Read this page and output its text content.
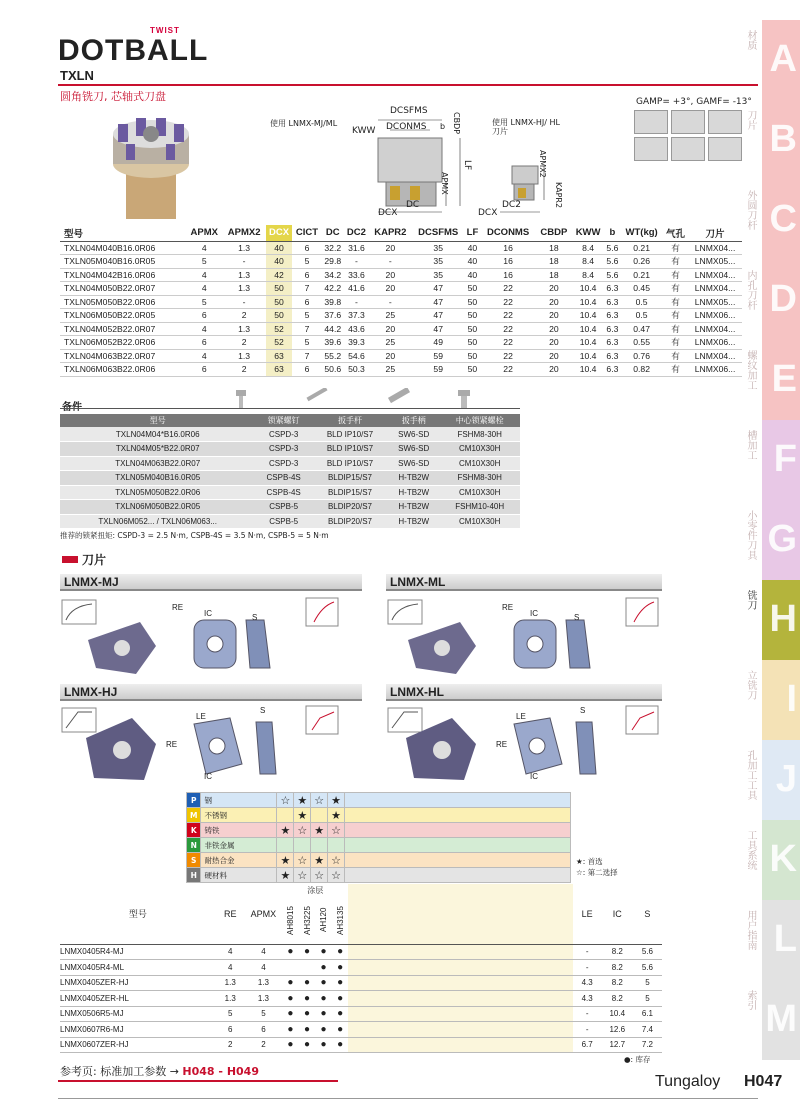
DOTBALL
TWIST
TXLN
圆角铣刀, 芯轴式刀盘	GAMP= +3°, GAMF= -13°
使用 LNMX-MJ/ML	使用 LNMX-HJ/ HL 刀片
DCSFMS
KWW DCONMS b CBDP
LF
APMX
DCX
DC
DCX
DC2
APMX2
KAPR2
型号	APMX	APMX2	DCX	CICT	DC	DC2	KAPR2	DCSFMS	LF	DCONMS	CBDP	KWW	b	WT(kg)	气孔	刀片
TXLN04M040B16.0R06	4	1.3	40	6	32.2	31.6	20	35	40	16	18	8.4	5.6	0.21	有	LNMX04...
TXLN05M040B16.0R05	5	-	40	5	29.8	-	-	35	40	16	18	8.4	5.6	0.26	有	LNMX05...
TXLN04M042B16.0R06	4	1.3	42	6	34.2	33.6	20	35	40	16	18	8.4	5.6	0.21	有	LNMX04...
TXLN04M050B22.0R07	4	1.3	50	7	42.2	41.6	20	47	50	22	20	10.4	6.3	0.45	有	LNMX04...
TXLN05M050B22.0R06	5	-	50	6	39.8	-	-	47	50	22	20	10.4	6.3	0.5	有	LNMX05...
TXLN06M050B22.0R05	6	2	50	5	37.6	37.3	25	47	50	22	20	10.4	6.3	0.5	有	LNMX06...
TXLN04M052B22.0R07	4	1.3	52	7	44.2	43.6	20	47	50	22	20	10.4	6.3	0.47	有	LNMX04...
TXLN06M052B22.0R06	6	2	52	5	39.6	39.3	25	49	50	22	20	10.4	6.3	0.55	有	LNMX06...
TXLN04M063B22.0R07	4	1.3	63	7	55.2	54.6	20	59	50	22	20	10.4	6.3	0.76	有	LNMX04...
TXLN06M063B22.0R06	6	2	63	6	50.6	50.3	25	59	50	22	20	10.4	6.3	0.82	有	LNMX06...
型号	锁紧螺钉	扳手杆	扳手柄	中心锁紧螺栓
TXLN04M04*B16.0R06	CSPD-3	BLD IP10/S7	SW6-SD	FSHM8-30H
TXLN04M05*B22.0R07	CSPD-3	BLD IP10/S7	SW6-SD	CM10X30H
TXLN04M063B22.0R07	CSPD-3	BLD IP10/S7	SW6-SD	CM10X30H
TXLN05M040B16.0R05	CSPB-4S	BLDIP15/S7	H-TB2W	FSHM8-30H
TXLN05M050B22.0R06	CSPB-4S	BLDIP15/S7	H-TB2W	CM10X30H
TXLN06M050B22.0R05	CSPB-5	BLDIP20/S7	H-TB2W	FSHM10-40H
TXLN06M052... / TXLN06M063...	CSPB-5	BLDIP20/S7	H-TB2W	CM10X30H
推荐的锁紧扭矩: CSPD-3 = 2.5 N·m, CSPB-4S = 3.5 N·m, CSPB-5 = 5 N·m
刀片
LNMX-MJ
RE
IC	S
LNMX-ML
RE
IC	S
LNMX-HJ
LE
S
RE
IC
LNMX-HL
LE
S
RE
IC
P	钢	☆	★	☆	★	
M	不锈钢		★		★	
K	铸铁	★	☆	★	☆	
N	非铁金属					
S	耐热合金	★	☆	★	☆	
H	硬材料	★	☆	☆	☆	
★: 首选
☆: 第二选择
型号	RE	APMX	涂层					LE	IC	S
			AH8015	AH3225	AH120	AH3135				
LNMX0405R4-MJ	4	4	●	●	●	●		-	8.2	5.6
LNMX0405R4-ML	4	4			●	●		-	8.2	5.6
LNMX0405ZER-HJ	1.3	1.3	●	●	●	●		4.3	8.2	5
LNMX0405ZER-HL	1.3	1.3	●	●	●	●		4.3	8.2	5
LNMX0506R5-MJ	5	5	●	●	●	●		-	10.4	6.1
LNMX0607R6-MJ	6	6	●	●	●	●		-	12.6	7.4
LNMX0607ZER-HJ	2	2	●	●	●	●		6.7	12.7	7.2
●: 库存
参考页: 标准加工参数 → H048 - H049
Tungaloy H047
A
材质
B
刀片
C
外圆刀杆
D
内孔刀杆
E
螺纹加工
F
槽加工
G
小零件刀具
H
铣刀
I
立铣刀
J
孔加工工具
K
工具系统
L
用户指南
M
索引
